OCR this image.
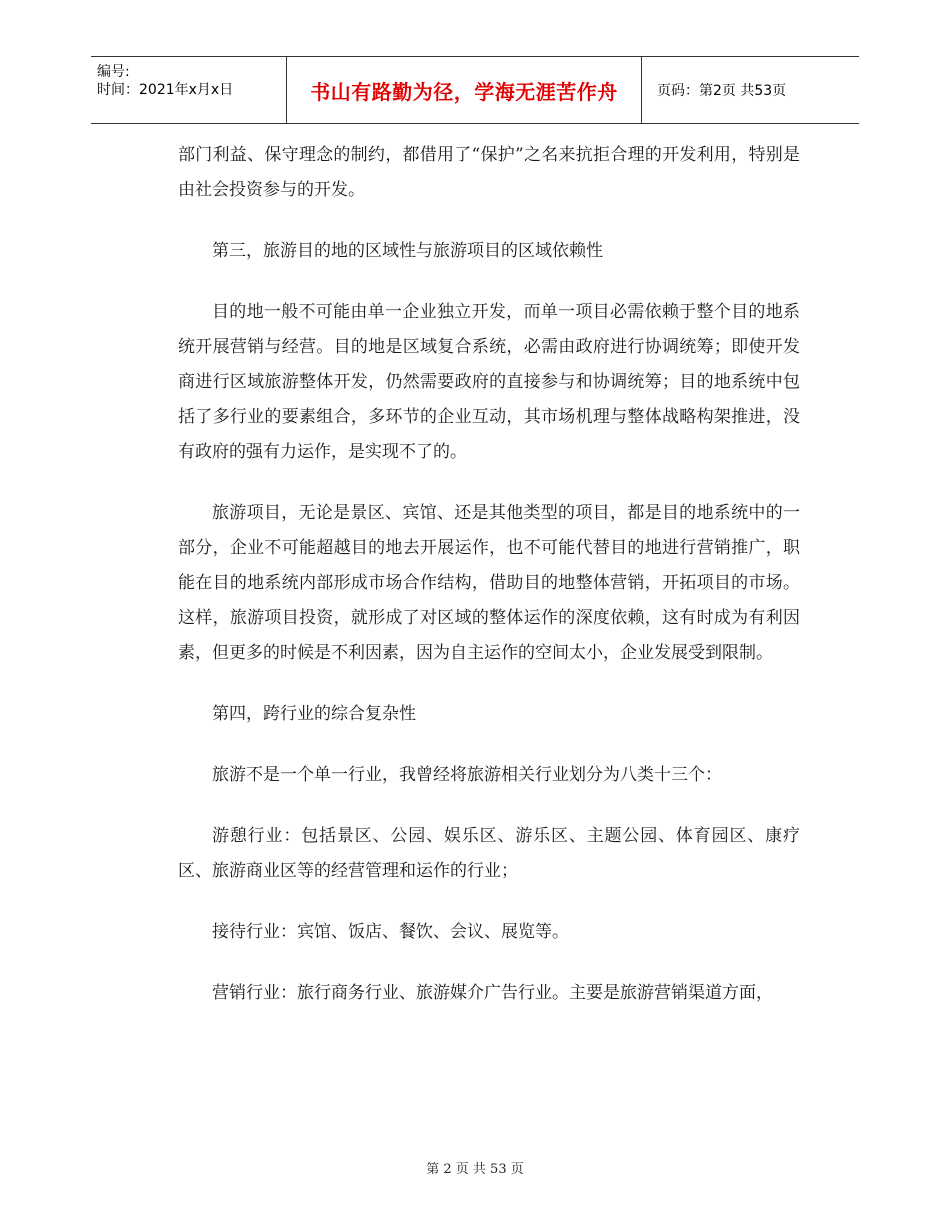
编号:
时间：2021年x月x日	书山有路勤为径，学海无涯苦作舟	页码：第2页 共53页

部门利益、保守理念的制约，都借用了“保护”之名来抗拒合理的开发利用，特别是由社会投资参与的开发。

第三，旅游目的地的区域性与旅游项目的区域依赖性

目的地一般不可能由单一企业独立开发，而单一项目必需依赖于整个目的地系统开展营销与经营。目的地是区域复合系统，必需由政府进行协调统筹；即使开发商进行区域旅游整体开发，仍然需要政府的直接参与和协调统筹；目的地系统中包括了多行业的要素组合，多环节的企业互动，其市场机理与整体战略构架推进，没有政府的强有力运作，是实现不了的。

旅游项目，无论是景区、宾馆、还是其他类型的项目，都是目的地系统中的一部分，企业不可能超越目的地去开展运作，也不可能代替目的地进行营销推广，职能在目的地系统内部形成市场合作结构，借助目的地整体营销，开拓项目的市场。这样，旅游项目投资，就形成了对区域的整体运作的深度依赖，这有时成为有利因素，但更多的时候是不利因素，因为自主运作的空间太小，企业发展受到限制。

第四，跨行业的综合复杂性

旅游不是一个单一行业，我曾经将旅游相关行业划分为八类十三个：

游憩行业：包括景区、公园、娱乐区、游乐区、主题公园、体育园区、康疗区、旅游商业区等的经营管理和运作的行业；

接待行业：宾馆、饭店、餐饮、会议、展览等。

营销行业：旅行商务行业、旅游媒介广告行业。主要是旅游营销渠道方面，

第 2 页 共 53 页
